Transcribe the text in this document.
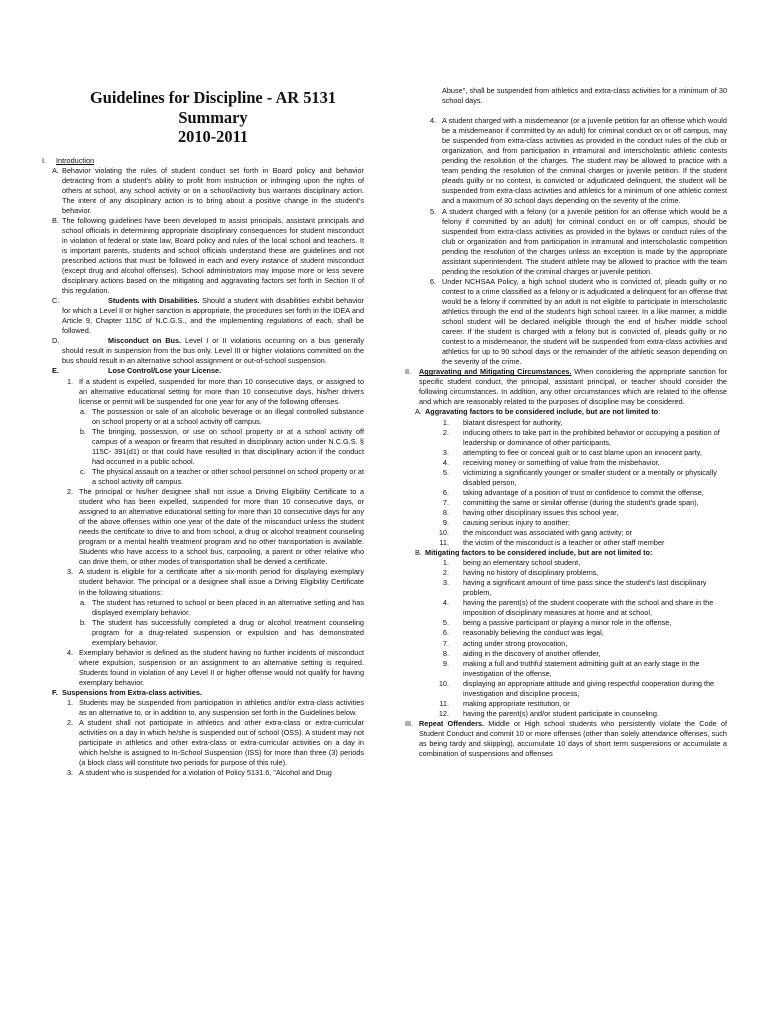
Guidelines for Discipline - AR 5131
Summary
2010-2011
I.	Introduction
A. Behavior violating the rules of student conduct set forth in Board policy and behavior detracting from a student's ability to profit from instruction or infringing upon the rights of others at school, any school activity or on a school/activity bus warrants disciplinary action. The intent of any disciplinary action is to bring about a positive change in the student's behavior.
B. The following guidelines have been developed to assist principals, assistant principals and school officials in determining appropriate disciplinary consequences for student misconduct in violation of federal or state law, Board policy and rules of the local school and teachers. It is important parents, students and school officials understand these are guidelines and not prescribed actions that must be followed in each and every instance of student misconduct (except drug and alcohol offenses). School administrators may impose more or less severe disciplinary actions based on the mitigating and aggravating factors set forth in Section II of this regulation.
C.	Students with Disabilities. Should a student with disabilities exhibit behavior for which a Level II or higher sanction is appropriate, the procedures set forth in the IDEA and Article 9, Chapter 115C of N.C.G.S., and the implementing regulations of each, shall be followed.
D.	Misconduct on Bus. Level I or II violations occurring on a bus generally should result in suspension from the bus only. Level III or higher violations committed on the bus should result in an alternative school assignment or out-of-school suspension.
E.	Lose Control/Lose your License.
1. If a student is expelled, suspended for more than 10 consecutive days, or assigned to an alternative educational setting for more than 10 consecutive days, his/her drivers license or permit will be suspended for one year for any of the following offenses.
a. The possession or sale of an alcoholic beverage or an illegal controlled substance on school property or at a school activity off campus.
b. The bringing, possession, or use on school property or at a school activity off campus of a weapon or firearm that resulted in disciplinary action under N.C.G.S. § 115C- 391(d1) or that could have resulted in that disciplinary action if the conduct had occurred in a public school.
c. The physical assault on a teacher or other school personnel on school property or at a school activity off campus.
2. The principal or his/her designee shall not issue a Driving Eligibility Certificate to a student who has been expelled, suspended for more than 10 consecutive days, or assigned to an alternative educational setting for more than 10 consecutive days for any of the above offenses within one year of the date of the misconduct unless the student needs the certificate to drive to and from school, a drug or alcohol treatment counseling program or a mental health treatment program and no other transportation is available. Students who have access to a school bus, carpooling, a parent or other relative who can drive them, or other modes of transportation shall be denied a certificate.
3. A student is eligible for a certificate after a six-month period for displaying exemplary student behavior. The principal or a designee shall issue a Driving Eligibility Certificate in the following situations:
a. The student has returned to school or been placed in an alternative setting and has displayed exemplary behavior.
b. The student has successfully completed a drug or alcohol treatment counseling program for a drug-related suspension or expulsion and has demonstrated exemplary behavior.
4. Exemplary behavior is defined as the student having no further incidents of misconduct where expulsion, suspension or an assignment to an alternative setting is required. Students found in violation of any Level II or higher offense would not qualify for having exemplary behavior.
F. Suspensions from Extra-class activities.
1. Students may be suspended from participation in athletics and/or extra-class activities as an alternative to, or in addition to, any suspension set forth in the Guidelines below.
2. A student shall not participate in athletics and other extra-class or extra-curricular activities on a day in which he/she is suspended out of school (OSS). A student may not participate in athletics and other extra-class or extra-curricular activities on a day in which he/she is assigned to In-School Suspension (ISS) for more than three (3) periods (a block class will constitute two periods for purpose of this rule).
3. A student who is suspended for a violation of Policy 5131.6, "Alcohol and Drug
Abuse", shall be suspended from athletics and extra-class activities for a minimum of 30 school days.
4. A student charged with a misdemeanor (or a juvenile petition for an offense which would be a misdemeanor if committed by an adult) for criminal conduct on or off campus, may be suspended from extra-class activities as provided in the conduct rules of the club or organization, and from participation in intramural and interscholastic athletic contests pending the resolution of the charges. The student may be allowed to practice with a team pending the resolution of the criminal charges or juvenile petition. If the student pleads guilty or no contest, is convicted or adjudicated delinquent, the student will be suspended from extra-class activities and athletics for a minimum of one athletic contest and a maximum of 30 school days depending on the severity of the crime.
5. A student charged with a felony (or a juvenile petition for an offense which would be a felony if committed by an adult) for criminal conduct on or off campus, should be suspended from extra-class activities as provided in the bylaws or conduct rules of the club or organization and from participation in intramural and interscholastic competition pending the resolution of the charges unless an exception is made by the appropriate assistant superintendent. The student athlete may be allowed to practice with the team pending the resolution of the criminal charges or juvenile petition.
6. Under NCHSAA Policy, a high school student who is convicted of, pleads guilty or no contest to a crime classified as a felony or is adjudicated a delinquent for an offense that would be a felony if committed by an adult is not eligible to participate in interscholastic athletics through the end of the student's high school career. In a like manner, a middle school student will be declared ineligible through the end of his/her middle school career. If the student is charged with a felony but is convicted of, pleads guilty or no contest to a misdemeanor, the student will be suspended from extra-class activities and athletics for up to 90 school days or the remainder of the athletic season depending on the severity of the crime.
II.	Aggravating and Mitigating Circumstances. When considering the appropriate sanction for specific student conduct, the principal, assistant principal, or teacher should consider the following circumstances. In addition, any other circumstances which are related to the offense and which are reasonably related to the purposes of discipline may be considered.
A. Aggravating factors to be considered include, but are not limited to:
1.	blatant disrespect for authority,
2.	inducing others to take part in the prohibited behavior or occupying a position of leadership or dominance of other participants,
3.	attempting to flee or conceal guilt or to cast blame upon an innocent party,
4.	receiving money or something of value from the misbehavior,
5.	victimizing a significantly younger or smaller student or a mentally or physically disabled person,
6.	taking advantage of a position of trust or confidence to commit the offense,
7.	committing the same or similar offense (during the student's grade span),
8.	having other disciplinary issues this school year,
9.	causing serious injury to another;
10.	the misconduct was associated with gang activity; or
11.	the victim of the misconduct is a teacher or other staff member
B. Mitigating factors to be considered include, but are not limited to:
1.	being an elementary school student,
2.	having no history of disciplinary problems,
3.	having a significant amount of time pass since the student's last disciplinary problem,
4.	having the parent(s) of the student cooperate with the school and share in the imposition of disciplinary measures at home and at school,
5.	being a passive participant or playing a minor role in the offense,
6.	reasonably believing the conduct was legal,
7.	acting under strong provocation,
8.	aiding in the discovery of another offender,
9.	making a full and truthful statement admitting guilt at an early stage in the investigation of the offense,
10.	displaying an appropriate attitude and giving respectful cooperation during the investigation and discipline process,
11.	making appropriate restitution, or
12.	having the parent(s) and/or student participate in counseling.
III. Repeat Offenders. Middle or High school students who persistently violate the Code of Student Conduct and commit 10 or more offenses (other than solely attendance offenses, such as being tardy and skipping), accumulate 10 days of short term suspensions or accumulate a combination of suspensions and offenses
